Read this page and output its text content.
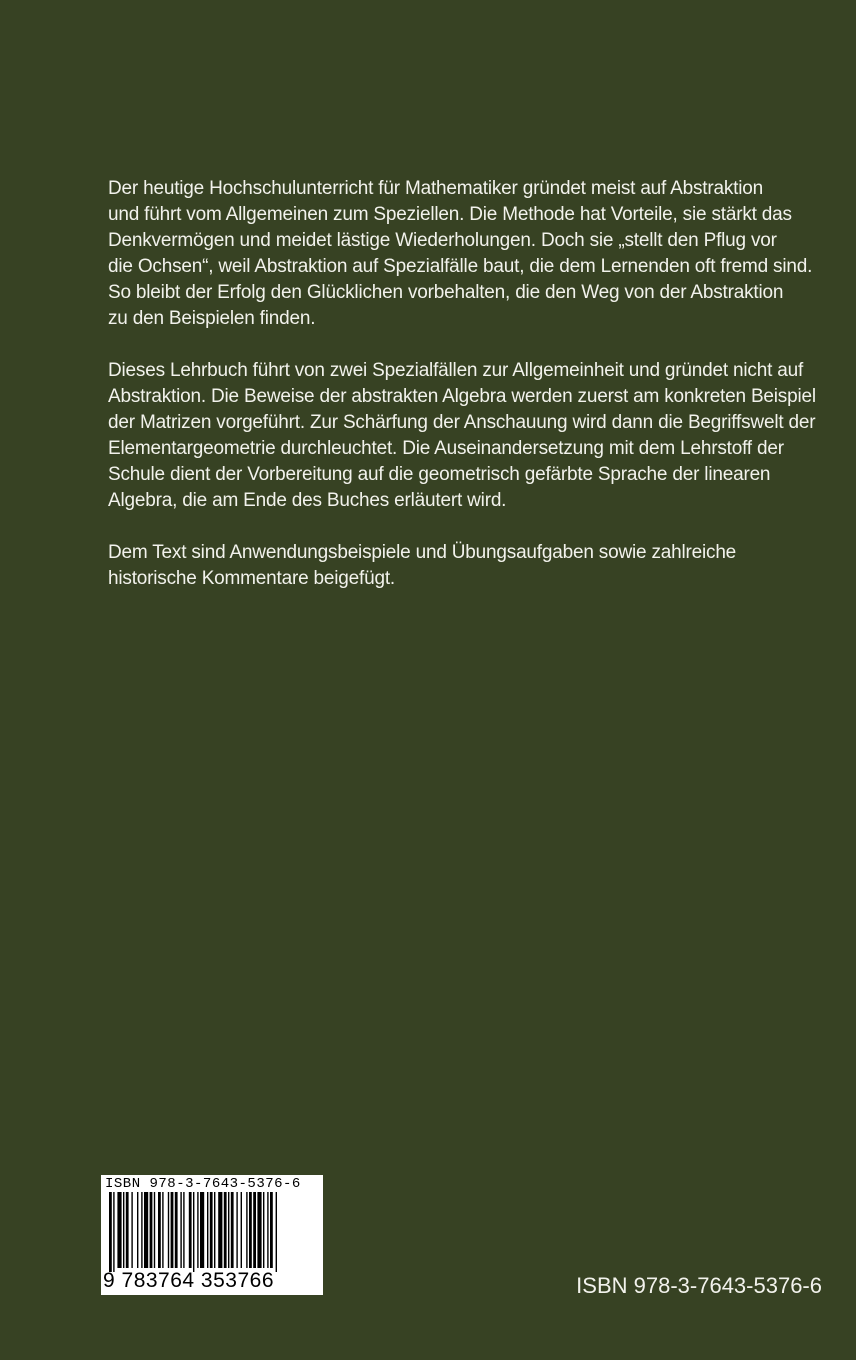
Der heutige Hochschulunterricht für Mathematiker gründet meist auf Abstraktion
und führt vom Allgemeinen zum Speziellen. Die Methode hat Vorteile, sie stärkt das
Denkvermögen und meidet lästige Wiederholungen. Doch sie „stellt den Pflug vor
die Ochsen“, weil Abstraktion auf Spezialfälle baut, die dem Lernenden oft fremd sind.
So bleibt der Erfolg den Glücklichen vorbehalten, die den Weg von der Abstraktion
zu den Beispielen finden.

Dieses Lehrbuch führt von zwei Spezialfällen zur Allgemeinheit und gründet nicht auf
Abstraktion. Die Beweise der abstrakten Algebra werden zuerst am konkreten Beispiel
der Matrizen vorgeführt. Zur Schärfung der Anschauung wird dann die Begriffswelt der
Elementargeometrie durchleuchtet. Die Auseinandersetzung mit dem Lehrstoff der
Schule dient der Vorbereitung auf die geometrisch gefärbte Sprache der linearen
Algebra, die am Ende des Buches erläutert wird.

Dem Text sind Anwendungsbeispiele und Übungsaufgaben sowie zahlreiche
historische Kommentare beigefügt.

ISBN 978-3-7643-5376-6
9 783764 353766	ISBN 978-3-7643-5376-6
